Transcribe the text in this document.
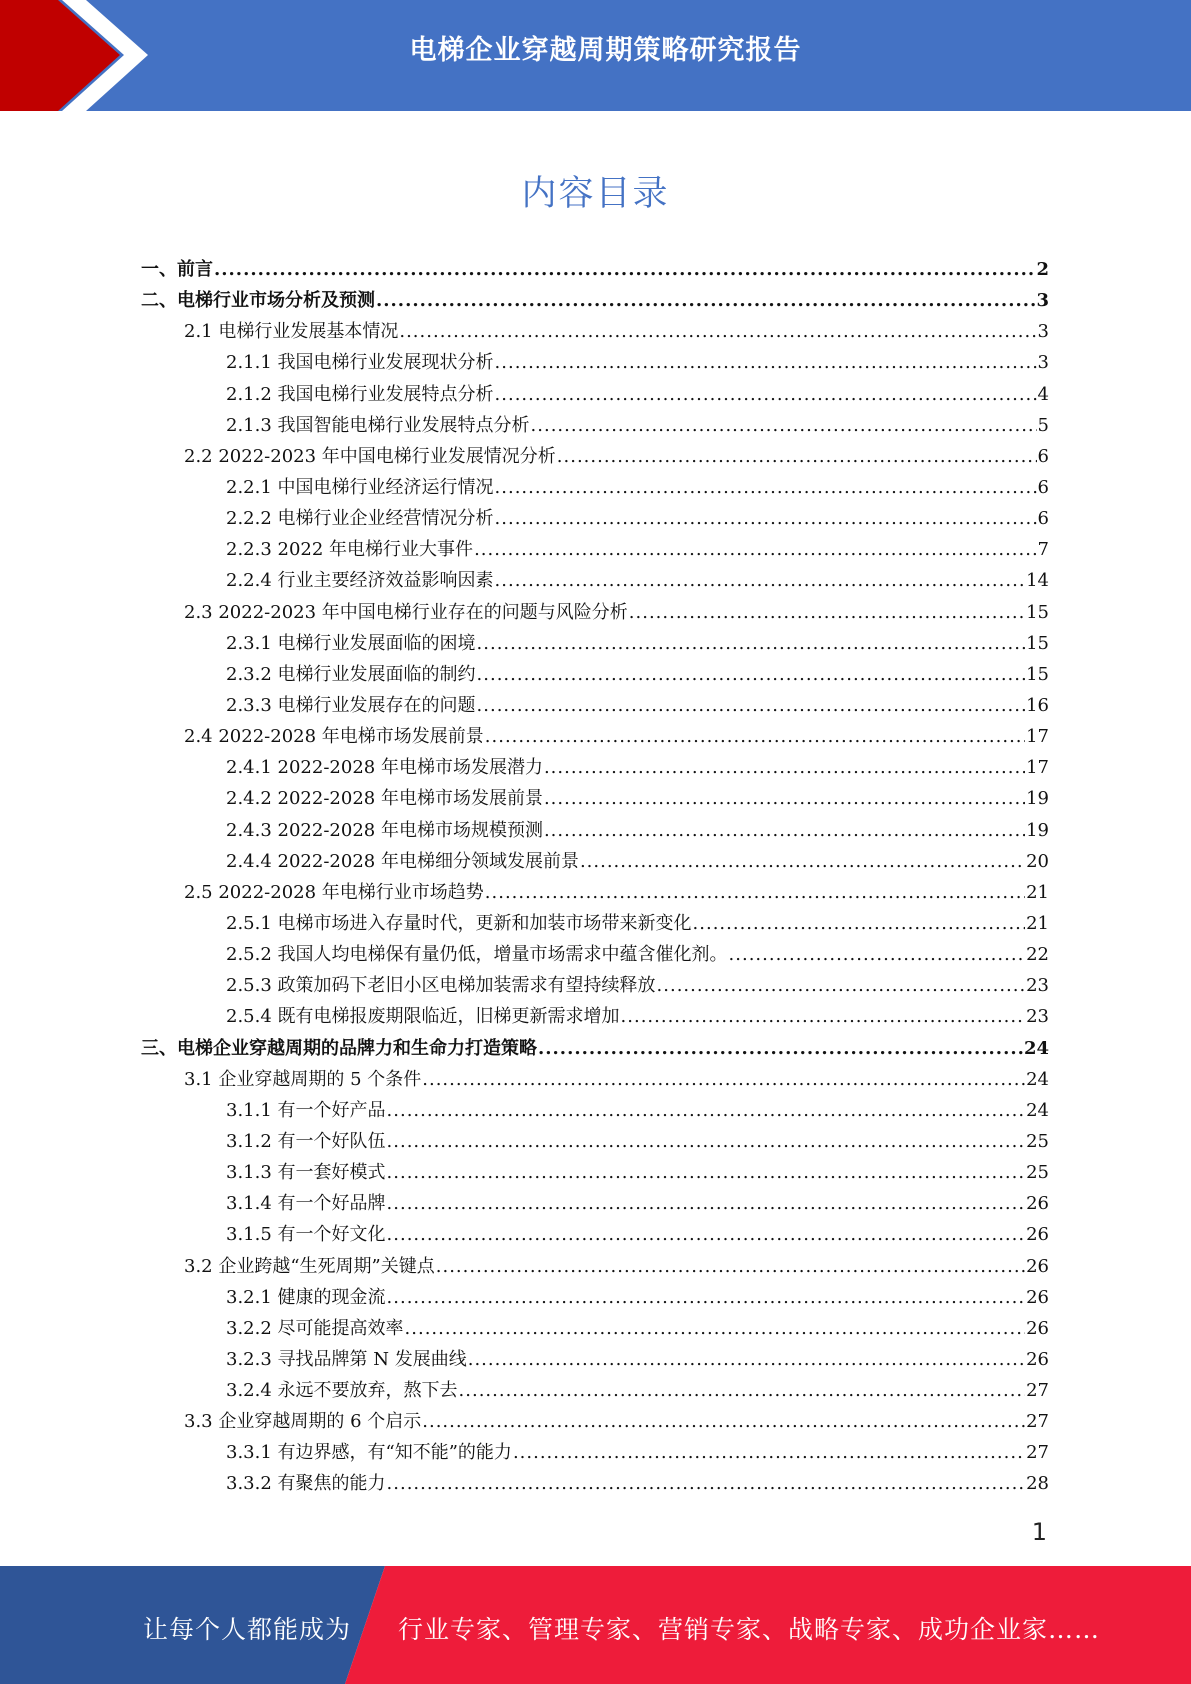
电梯企业穿越周期策略研究报告
内容目录
一、前言 .....	2
二、电梯行业市场分析及预测 .....	3
2.1 电梯行业发展基本情况 .....	3
2.1.1 我国电梯行业发展现状分析 .....	3
2.1.2 我国电梯行业发展特点分析 .....	4
2.1.3 我国智能电梯行业发展特点分析 .....	5
2.2 2022-2023 年中国电梯行业发展情况分析 .....	6
2.2.1 中国电梯行业经济运行情况 .....	6
2.2.2 电梯行业企业经营情况分析 .....	6
2.2.3 2022 年电梯行业大事件 .....	7
2.2.4 行业主要经济效益影响因素 .....	14
2.3 2022-2023 年中国电梯行业存在的问题与风险分析 .....	15
2.3.1 电梯行业发展面临的困境 .....	15
2.3.2 电梯行业发展面临的制约 .....	15
2.3.3 电梯行业发展存在的问题 .....	16
2.4 2022-2028 年电梯市场发展前景 .....	17
2.4.1 2022-2028 年电梯市场发展潜力 .....	17
2.4.2 2022-2028 年电梯市场发展前景 .....	19
2.4.3 2022-2028 年电梯市场规模预测 .....	19
2.4.4 2022-2028 年电梯细分领域发展前景 .....	20
2.5 2022-2028 年电梯行业市场趋势 .....	21
2.5.1 电梯市场进入存量时代，更新和加装市场带来新变化 .....	21
2.5.2 我国人均电梯保有量仍低，增量市场需求中蕴含催化剂。 .....	22
2.5.3 政策加码下老旧小区电梯加装需求有望持续释放 .....	23
2.5.4 既有电梯报废期限临近，旧梯更新需求增加 .....	23
三、电梯企业穿越周期的品牌力和生命力打造策略 .....	24
3.1 企业穿越周期的 5 个条件 .....	24
3.1.1 有一个好产品 .....	24
3.1.2 有一个好队伍 .....	25
3.1.3 有一套好模式 .....	25
3.1.4 有一个好品牌 .....	26
3.1.5 有一个好文化 .....	26
3.2 企业跨越“生死周期”关键点 .....	26
3.2.1 健康的现金流 .....	26
3.2.2 尽可能提高效率 .....	26
3.2.3 寻找品牌第 N 发展曲线 .....	26
3.2.4 永远不要放弃，熬下去 .....	27
3.3 企业穿越周期的 6 个启示 .....	27
3.3.1 有边界感，有“知不能”的能力 .....	27
3.3.2 有聚焦的能力 .....	28
1
让每个人都能成为 行业专家、管理专家、营销专家、战略专家、成功企业家……
